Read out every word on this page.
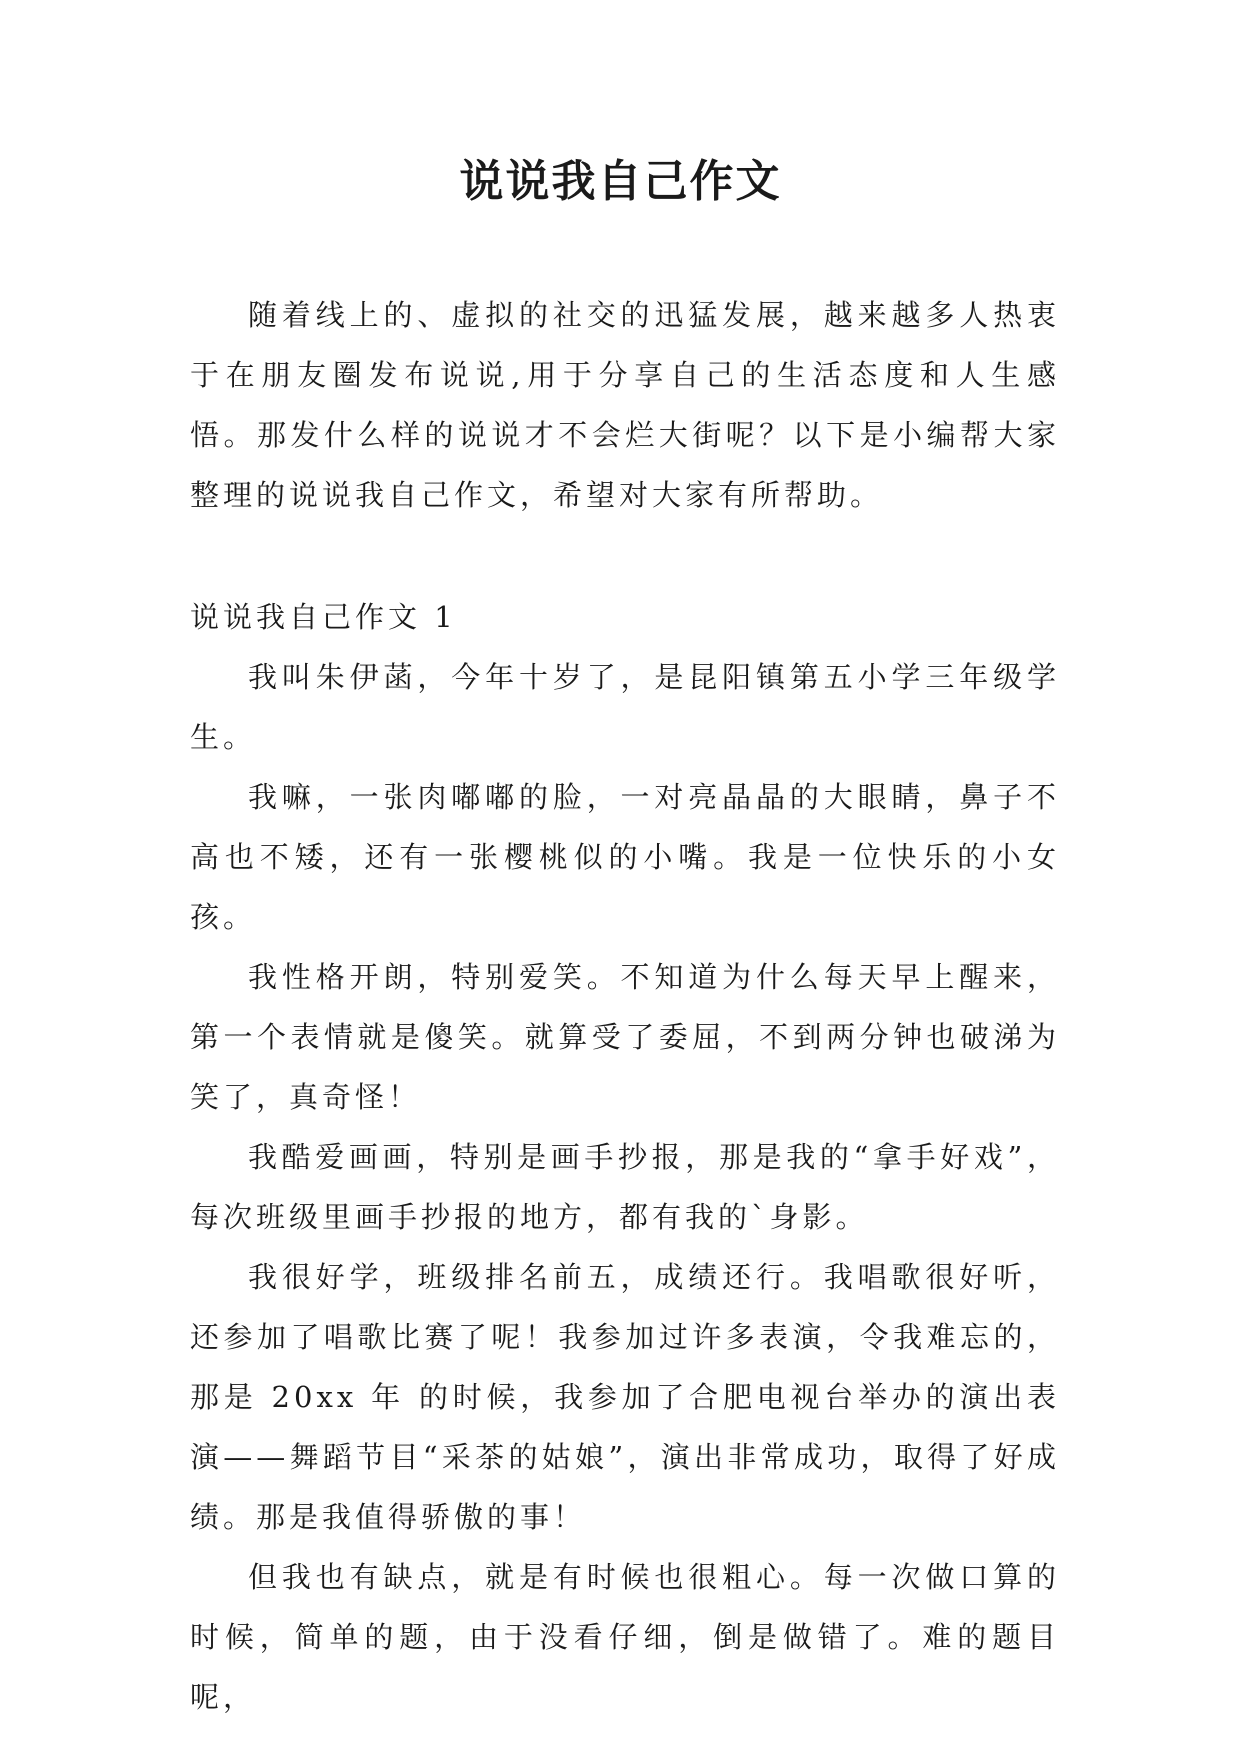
说说我自己作文

随着线上的、虚拟的社交的迅猛发展，越来越多人热衷于在朋友圈发布说说,用于分享自己的生活态度和人生感悟。那发什么样的说说才不会烂大街呢？以下是小编帮大家整理的说说我自己作文，希望对大家有所帮助。

说说我自己作文 1

我叫朱伊菡，今年十岁了，是昆阳镇第五小学三年级学生。

我嘛，一张肉嘟嘟的脸，一对亮晶晶的大眼睛，鼻子不高也不矮，还有一张樱桃似的小嘴。我是一位快乐的小女孩。

我性格开朗，特别爱笑。不知道为什么每天早上醒来，第一个表情就是傻笑。就算受了委屈，不到两分钟也破涕为笑了，真奇怪！

我酷爱画画，特别是画手抄报，那是我的“拿手好戏”，每次班级里画手抄报的地方，都有我的`身影。

我很好学，班级排名前五，成绩还行。我唱歌很好听，还参加了唱歌比赛了呢！我参加过许多表演，令我难忘的，那是 20xx 年 的时候，我参加了合肥电视台举办的演出表演——舞蹈节目“采茶的姑娘”，演出非常成功，取得了好成绩。那是我值得骄傲的事！

但我也有缺点，就是有时候也很粗心。每一次做口算的时候，简单的题，由于没看仔细，倒是做错了。难的题目呢，
